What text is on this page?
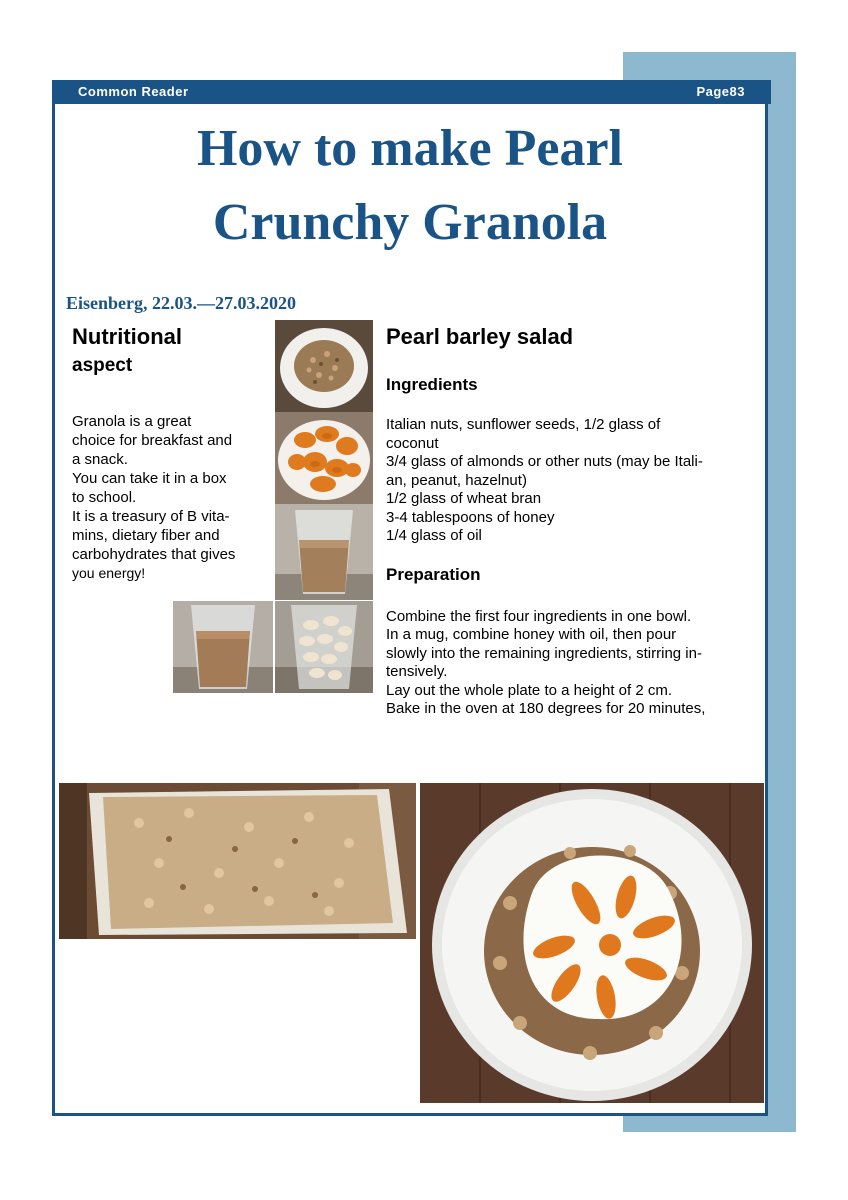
Common Reader	Page83
How to make Pearl
Crunchy Granola
Eisenberg, 22.03.—27.03.2020

Nutritional

aspect

Granola is a great
choice for breakfast and
a snack.
You can take it in a box
to school.
It is a treasury of B vita-
mins, dietary fiber and
carbohydrates that gives
you energy!

Pearl barley salad

Ingredients

Italian nuts, sunflower seeds, 1/2 glass of
coconut
3/4 glass of almonds or other nuts (may be Itali-
an, peanut, hazelnut)
1/2 glass of wheat bran
3-4 tablespoons of honey
1/4 glass of oil

Preparation

Combine the first four ingredients in one bowl.
In a mug, combine honey with oil, then pour
slowly into the remaining ingredients, stirring in-
tensively.
Lay out the whole plate to a height of 2 cm.
Bake in the oven at 180 degrees for 20 minutes,
